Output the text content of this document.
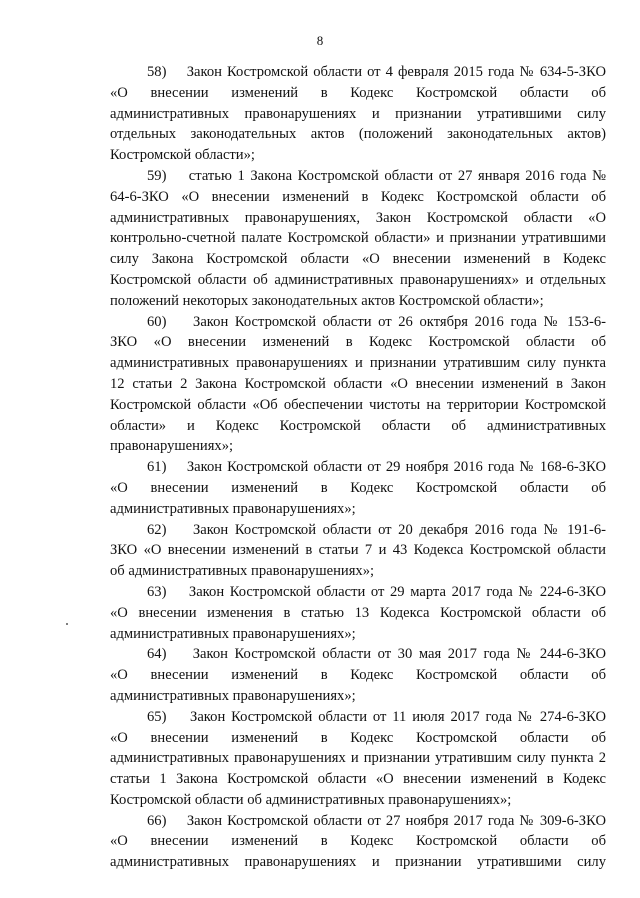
8
58)    Закон Костромской области от 4 февраля 2015 года № 634-5-ЗКО
«О внесении изменений в Кодекс Костромской области об
административных правонарушениях и признании утратившими силу
отдельных законодательных актов (положений законодательных актов)
Костромской области»;
59)    статью 1 Закона Костромской области от 27 января 2016 года №
64-6-ЗКО «О внесении изменений в Кодекс Костромской области об
административных правонарушениях, Закон Костромской области «О
контрольно-счетной палате Костромской области» и признании утратившими
силу Закона Костромской области «О внесении изменений в Кодекс
Костромской области об административных правонарушениях» и отдельных
положений некоторых законодательных актов Костромской области»;
60)    Закон Костромской области от 26 октября 2016 года № 153-6-
ЗКО «О внесении изменений в Кодекс Костромской области об
административных правонарушениях и признании утратившим силу пункта
12 статьи 2 Закона Костромской области «О внесении изменений в Закон
Костромской области «Об обеспечении чистоты на территории Костромской
области» и Кодекс Костромской области об административных
правонарушениях»;
61)    Закон Костромской области от 29 ноября 2016 года № 168-6-ЗКО
«О внесении изменений в Кодекс Костромской области об
административных правонарушениях»;
62)    Закон Костромской области от 20 декабря 2016 года № 191-6-
ЗКО «О внесении изменений в статьи 7 и 43 Кодекса Костромской области
об административных правонарушениях»;
63)    Закон Костромской области от 29 марта 2017 года № 224-6-ЗКО
«О внесении изменения в статью 13 Кодекса Костромской области об
административных правонарушениях»;
64)    Закон Костромской области от 30 мая 2017 года № 244-6-ЗКО
«О внесении изменений в Кодекс Костромской области об
административных правонарушениях»;
65)    Закон Костромской области от 11 июля 2017 года № 274-6-ЗКО
«О внесении изменений в Кодекс Костромской области об
административных правонарушениях и признании утратившим силу пункта 2
статьи 1 Закона Костромской области «О внесении изменений в Кодекс
Костромской области об административных правонарушениях»;
66)    Закон Костромской области от 27 ноября 2017 года № 309-6-ЗКО
«О внесении изменений в Кодекс Костромской области об
административных правонарушениях и признании утратившими силу
